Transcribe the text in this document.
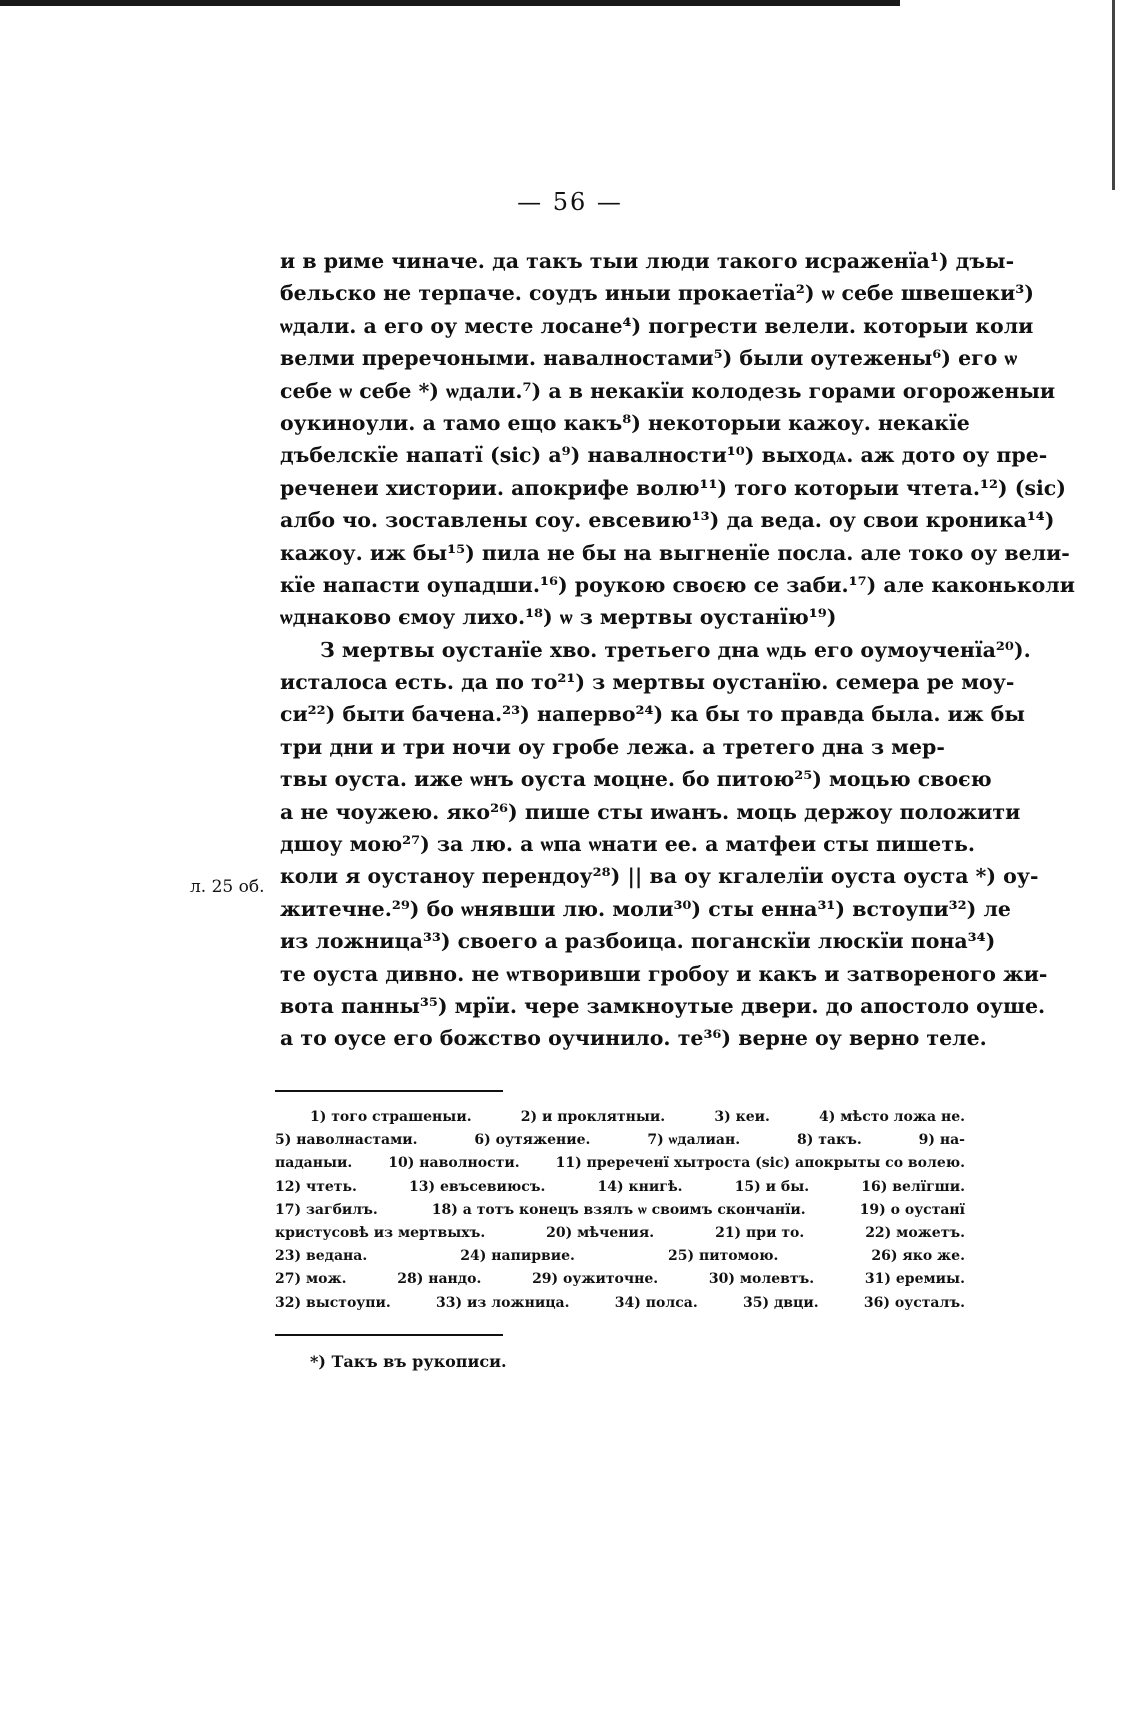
— 56 —
и в риме чиначе. да такъ тыи люди такого исраженїа¹) дъы-
бельско не терпаче. соудъ иныи прокаетїа²) ѡ себе швешеки³)
ѡдали. а его оу месте лосане⁴) погрести велели. которыи коли
велми преречоными. навалностами⁵) были оутежены⁶) его ѡ
себе ѡ себе *) ѡдали.⁷) а в некакїи колодезь горами огороженыи
оукиноули. а тамо ещо какъ⁸) некоторыи кажоу. некакїе
дъбелскїе напатї (sic) а⁹) навалности¹⁰) выходѧ. аж дото оу пре-
реченеи хистории. апокрифе волю¹¹) того которыи чтета.¹²) (sic)
албо чо. зоставлены соу. евсевию¹³) да веда. оу свои кроника¹⁴)
кажоу. иж бы¹⁵) пила не бы на выгненїе посла. але токо оу вели-
кїе напасти оупадши.¹⁶) роукою своєю се заби.¹⁷) але каконьколи
ѡднаково ємоу лихо.¹⁸) ѡ з мертвы оустанїю¹⁹)
З мертвы оустанїе хво. третьего дна ѡдь его оумоученїа²⁰).
исталоса есть. да по то²¹) з мертвы оустанїю. семера ре моу-
си²²) быти бачена.²³) наперво²⁴) ка бы то правда была. иж бы
три дни и три ночи оу гробе лежа. а третего дна з мер-
твы оуста. иже ѡнъ оуста моцне. бо питою²⁵) моцью своєю
а не чоужею. яко²⁶) пише сты иѡанъ. моць держоу положити
дшоу мою²⁷) за лю. а ѡпа ѡнати ее. а матфеи сты пишеть.
коли я оустаноу перендоу²⁸) || ва оу кгалелїи оуста оуста *) оу-
житечне.²⁹) бо ѡнявши лю. моли³⁰) сты енна³¹) встоупи³²) ле
из ложница³³) своего а разбоица. поганскїи люскїи пона³⁴)
те оуста дивно. не ѡтворивши гробоу и какъ и затвореного жи-
вота панны³⁵) мрїи. чере замкноутые двери. до апостоло оуше.
а то оусе его божство оучинило. те³⁶) верне оу верно теле.
л. 25 об.
1) того страшеныи.	2) и проклятныи.	3) кеи.	4) мѣсто ложа не.
5) наволнастами.	6) оутяжение.	7) ѡдалиан.	8) такъ.	9) на-
паданыи.	10) наволности.	11) пререченї хытроста (sic) апокрыты со волею.
12) чтеть.	13) евъсевиюсъ.	14) книгѣ.	15) и бы.	16) велїгши.
17) загбилъ.	18) а тотъ конецъ взялъ ѡ своимъ скончанїи.	19) о оустанї
кристусовѣ из мертвыхъ.	20) мѣчения.	21) при то.	22) можетъ.
23) ведана.	24) напирвие.	25) питомою.	26) яко же.
27) мож.	28) нандо.	29) оужиточне.	30) молевтъ.	31) еремиы.
32) выстоупи.	33) из ложница.	34) полса.	35) двци.	36) оусталъ.
*) Такъ въ рукописи.
